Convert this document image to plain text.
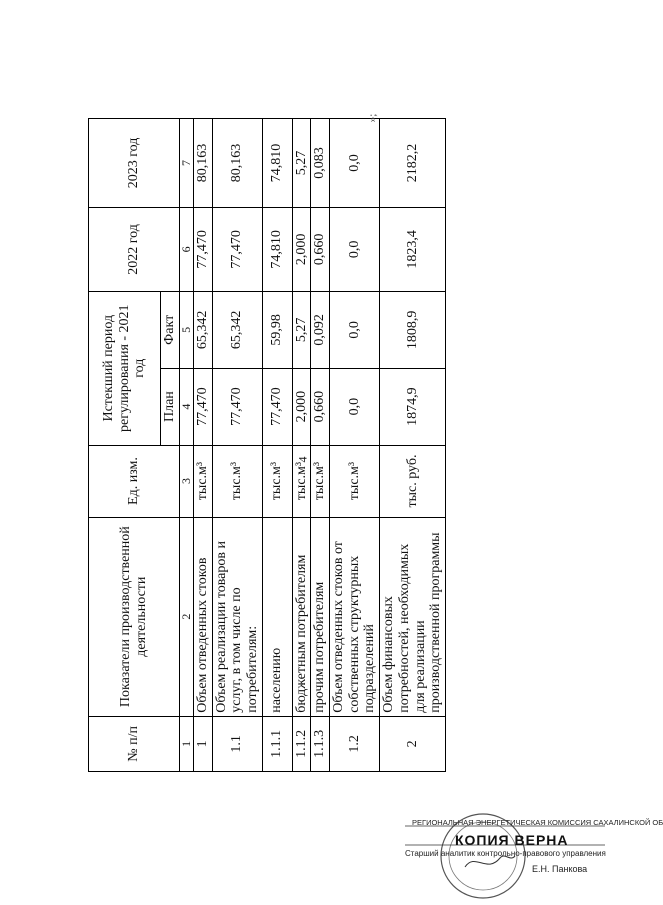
4
№ п/п	Показатели производственной деятельности	Ед. изм.	Истекший период регулирования - 2021 год		2022 год	2023 год
			План	Факт		
1	2	3	4	5	6	7
1	Объем отведенных стоков	тыс.м³	77,470	65,342	77,470	80,163
1.1	Объем реализации товаров и услуг, в том числе по потребителям:	тыс.м³	77,470	65,342	77,470	80,163
1.1.1	населению	тыс.м³	77,470	59,98	74,810	74,810
1.1.2	бюджетным потребителям	тыс.м³	2,000	5,27	2,000	5,27
1.1.3	прочим потребителям	тыс.м³	0,660	0,092	0,660	0,083
1.2	Объем отведенных стоков от собственных структурных подразделений	тыс.м³	0,0	0,0	0,0	0,0
2	Объем финансовых потребностей, необходимых для реализации производственной программы	тыс. руб.	1874,9	1808,9	1823,4	2182,2
»;
РЕГИОНАЛЬНАЯ ЭНЕРГЕТИЧЕСКАЯ КОМИССИЯ САХАЛИНСКОЙ ОБ
КОПИЯ ВЕРНА
Старший аналитик контрольно-правового управления
Е.Н. Панкова
